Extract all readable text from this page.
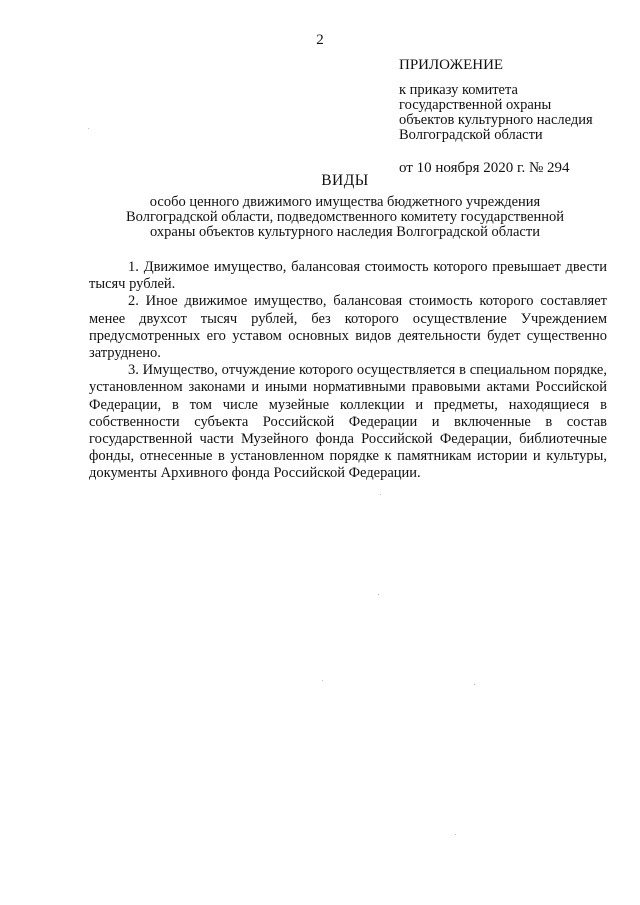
2
ПРИЛОЖЕНИЕ
к приказу комитета
государственной охраны
объектов культурного наследия
Волгоградской области
от 10 ноября 2020 г. № 294
ВИДЫ
особо ценного движимого имущества бюджетного учреждения
Волгоградской области, подведомственного комитету государственной
охраны объектов культурного наследия Волгоградской области

1. Движимое имущество, балансовая стоимость которого превышает двести тысяч рублей.

2. Иное движимое имущество, балансовая стоимость которого составляет менее двухсот тысяч рублей, без которого осуществление Учреждением предусмотренных его уставом основных видов деятельности будет существенно затруднено.

3. Имущество, отчуждение которого осуществляется в специальном порядке, установленном законами и иными нормативными правовыми актами Российской Федерации, в том числе музейные коллекции и предметы, находящиеся в собственности субъекта Российской Федерации и включенные в состав государственной части Музейного фонда Российской Федерации, библиотечные фонды, отнесенные в установленном порядке к памятникам истории и культуры, документы Архивного фонда Российской Федерации.
